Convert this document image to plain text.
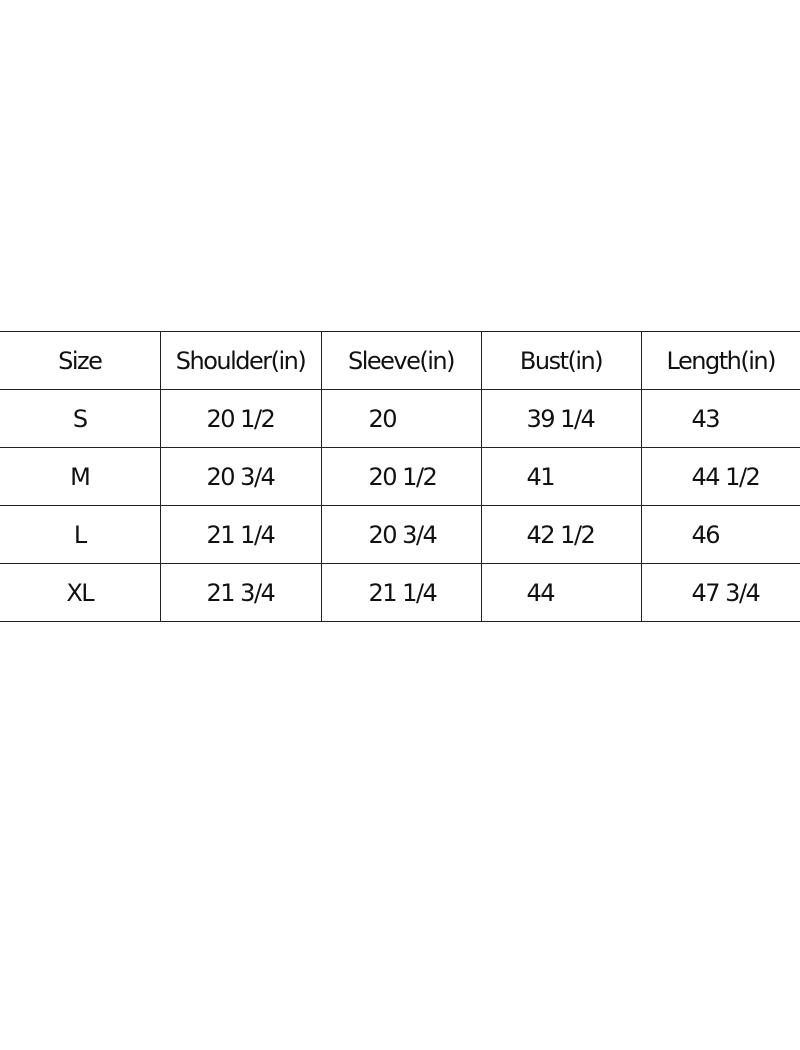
Size	Shoulder(in)	Sleeve(in)	Bust(in)	Length(in)
S	20 1/2	20	39 1/4	43
M	20 3/4	20 1/2	41	44 1/2
L	21 1/4	20 3/4	42 1/2	46
XL	21 3/4	21 1/4	44	47 3/4
